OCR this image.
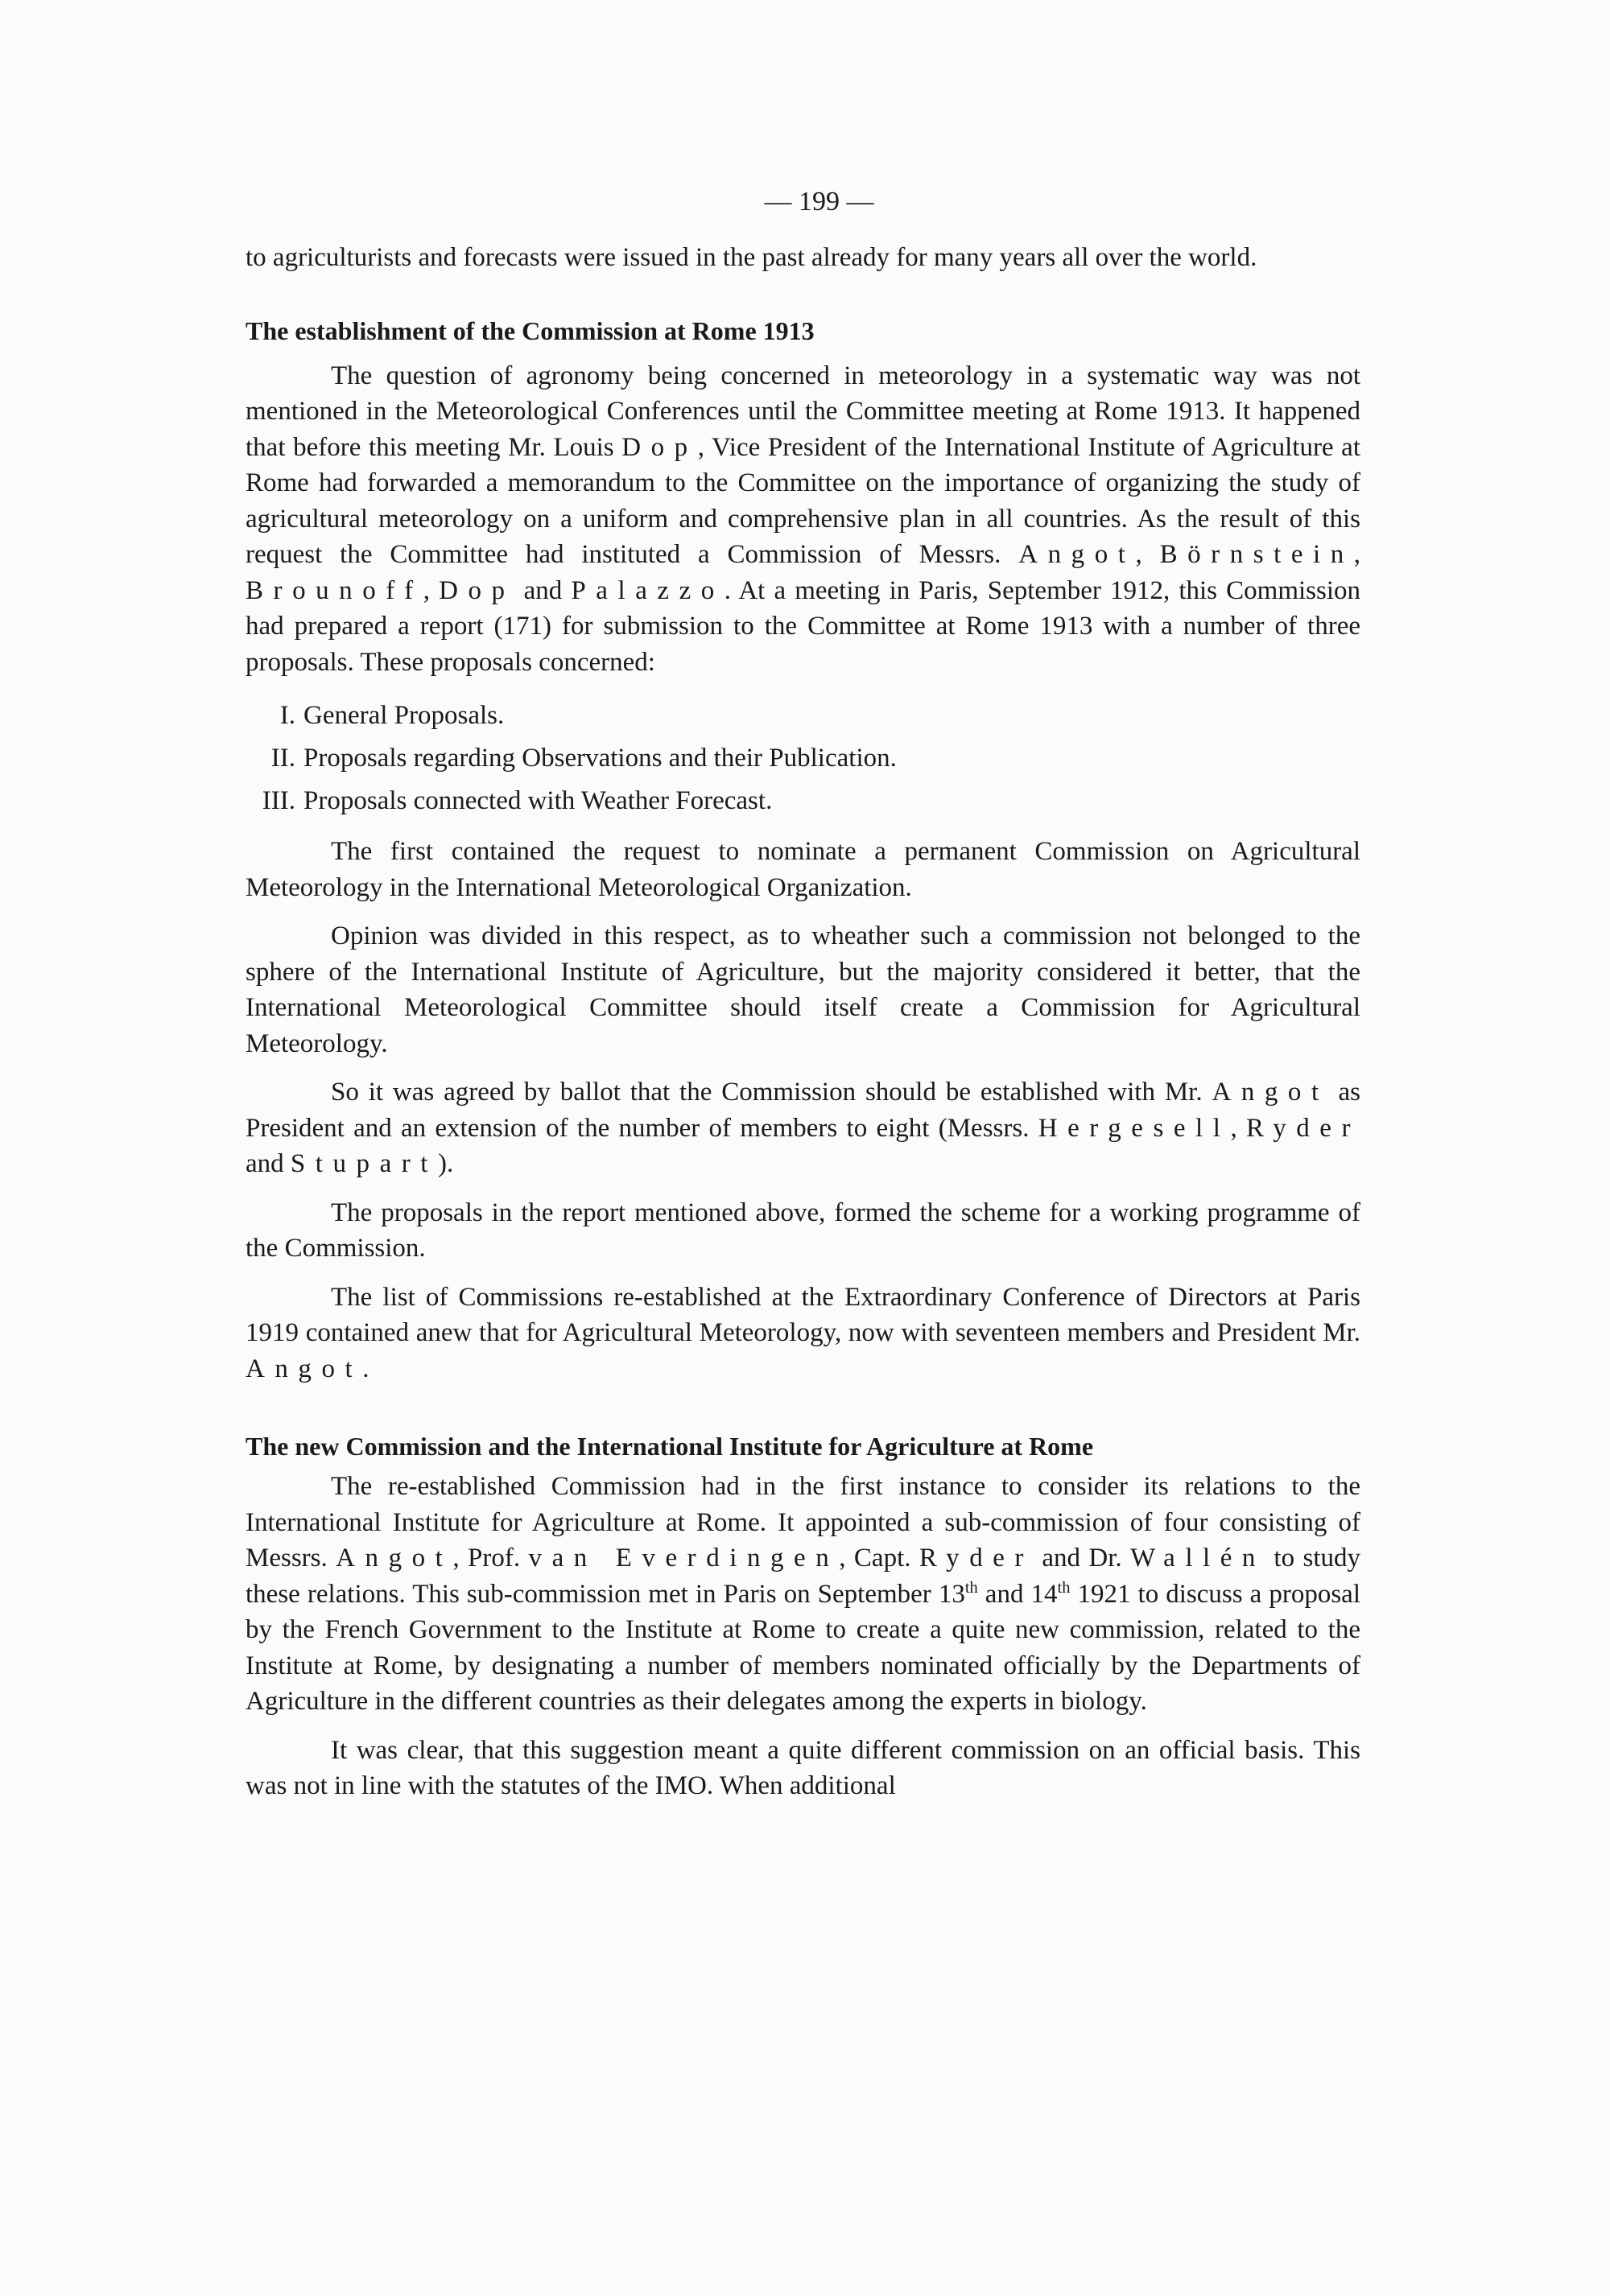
— 199 —

to agriculturists and forecasts were issued in the past already for many years all over the world.

The establishment of the Commission at Rome 1913

The question of agronomy being concerned in meteorology in a systematic way was not mentioned in the Meteorological Conferences until the Committee meeting at Rome 1913. It happened that before this meeting Mr. Louis Dop, Vice President of the International Institute of Agriculture at Rome had forwarded a memorandum to the Committee on the importance of organizing the study of agricultural meteorology on a uniform and comprehensive plan in all countries. As the result of this request the Committee had instituted a Commission of Messrs. Angot, Börnstein, Brounoff, Dop and Palazzo. At a meeting in Paris, September 1912, this Commission had prepared a report (171) for submission to the Committee at Rome 1913 with a number of three proposals. These proposals concerned:

I. General Proposals.
II. Proposals regarding Observations and their Publication.
III. Proposals connected with Weather Forecast.

The first contained the request to nominate a permanent Commission on Agricultural Meteorology in the International Meteorological Organization.

Opinion was divided in this respect, as to wheather such a commission not belonged to the sphere of the International Institute of Agriculture, but the majority considered it better, that the International Meteorological Committee should itself create a Commission for Agricultural Meteorology.

So it was agreed by ballot that the Commission should be established with Mr. Angot as President and an extension of the number of members to eight (Messrs. Hergesell, Ryder and Stupart).

The proposals in the report mentioned above, formed the scheme for a working programme of the Commission.

The list of Commissions re-established at the Extraordinary Conference of Directors at Paris 1919 contained anew that for Agricultural Meteorology, now with seventeen members and President Mr. Angot.

The new Commission and the International Institute for Agriculture at Rome

The re-established Commission had in the first instance to consider its relations to the International Institute for Agriculture at Rome. It appointed a sub-commission of four consisting of Messrs. Angot, Prof. van Everdingen, Capt. Ryder and Dr. Wallén to study these relations. This sub-commission met in Paris on September 13th and 14th 1921 to discuss a proposal by the French Government to the Institute at Rome to create a quite new commission, related to the Institute at Rome, by designating a number of members nominated officially by the Departments of Agriculture in the different countries as their delegates among the experts in biology.

It was clear, that this suggestion meant a quite different commission on an official basis. This was not in line with the statutes of the IMO. When additional
